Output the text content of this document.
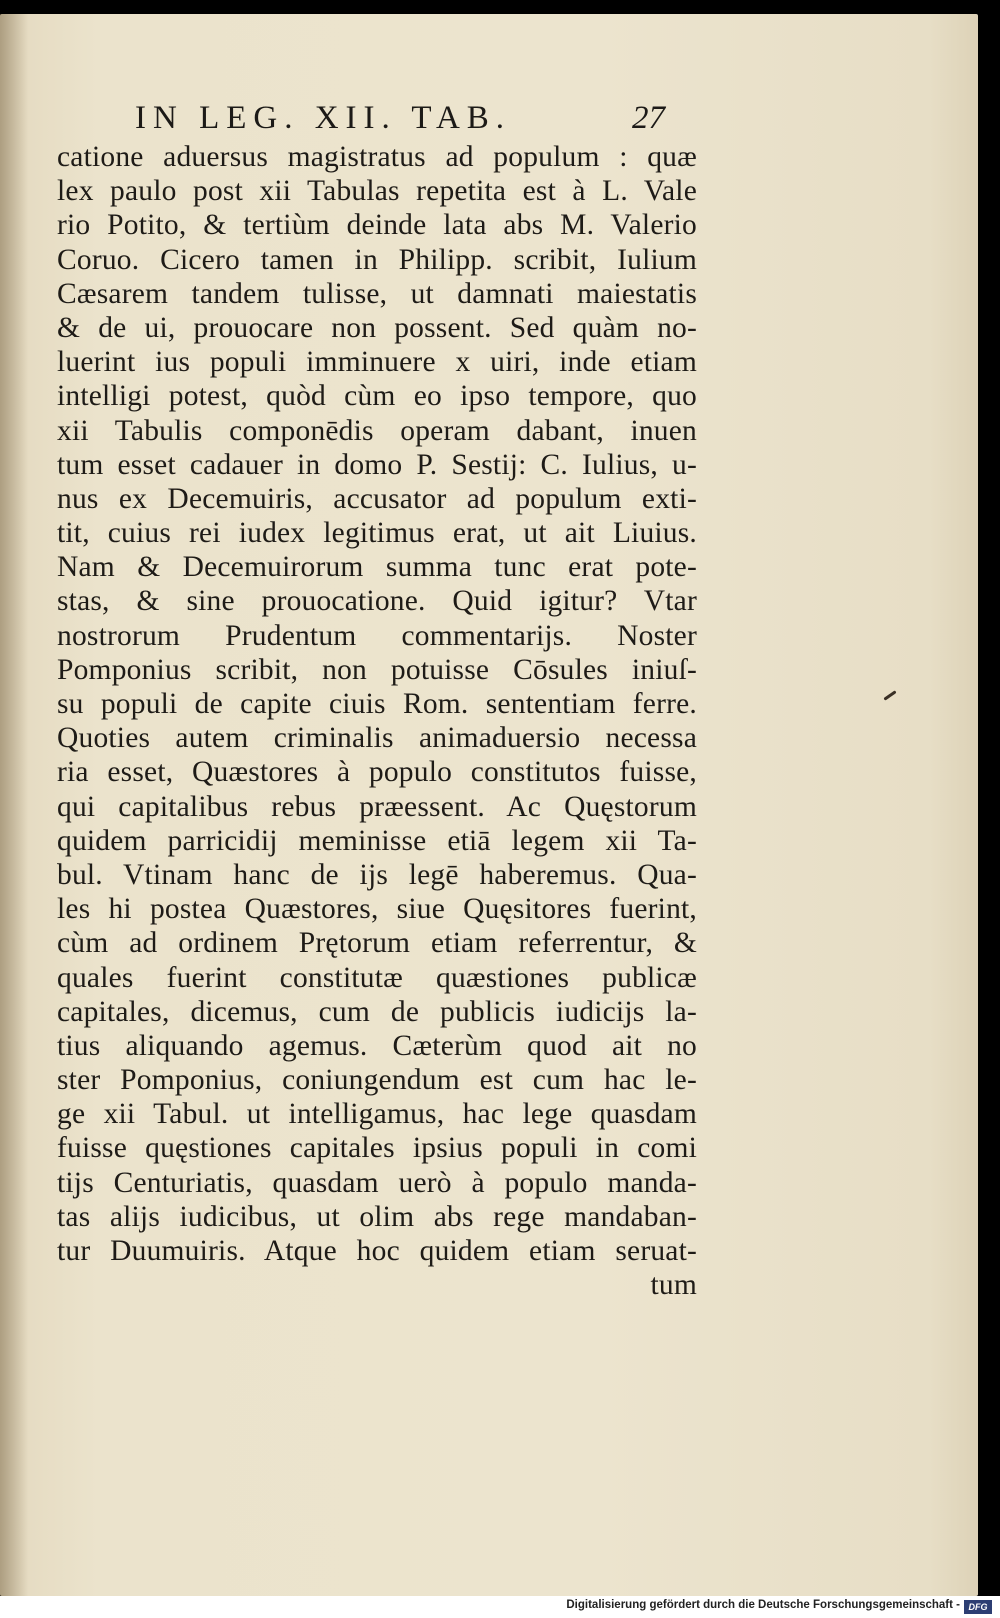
IN LEG. XII. TAB.	27
catione aduersus magistratus ad populum : quæ
lex paulo post xii Tabulas repetita est à L. Vale
rio Potito, & tertiùm deinde lata abs M. Valerio
Coruo. Cicero tamen in Philipp. scribit, Iulium
Cæsarem tandem tulisse, ut damnati maiestatis
& de ui, prouocare non possent. Sed quàm no-
luerint ius populi imminuere x uiri, inde etiam
intelligi potest, quòd cùm eo ipso tempore, quo
xii Tabulis componēdis operam dabant, inuen
tum esset cadauer in domo P. Sestij: C. Iulius, u-
nus ex Decemuiris, accusator ad populum exti-
tit, cuius rei iudex legitimus erat, ut ait Liuius.
Nam & Decemuirorum summa tunc erat pote-
stas, & sine prouocatione. Quid igitur? Vtar
nostrorum Prudentum commentarijs. Noster
Pomponius scribit, non potuisse Cōsules iniuſ-
su populi de capite ciuis Rom. sententiam ferre.
Quoties autem criminalis animaduersio necessa
ria esset, Quæstores à populo constitutos fuisse,
qui capitalibus rebus præessent. Ac Quęstorum
quidem parricidij meminisse etiā legem xii Ta-
bul. Vtinam hanc de ijs legē haberemus. Qua-
les hi postea Quæstores, siue Quęsitores fuerint,
cùm ad ordinem Prętorum etiam referrentur, &
quales fuerint constitutæ quæstiones publicæ
capitales, dicemus, cum de publicis iudicijs la-
tius aliquando agemus. Cæterùm quod ait no
ster Pomponius, coniungendum est cum hac le-
ge xii Tabul. ut intelligamus, hac lege quasdam
fuisse quęstiones capitales ipsius populi in comi
tijs Centuriatis, quasdam uerò à populo manda-
tas alijs iudicibus, ut olim abs rege mandaban-
tur Duumuiris. Atque hoc quidem etiam seruat-
tum
Digitalisierung gefördert durch die Deutsche Forschungsgemeinschaft - DFG
